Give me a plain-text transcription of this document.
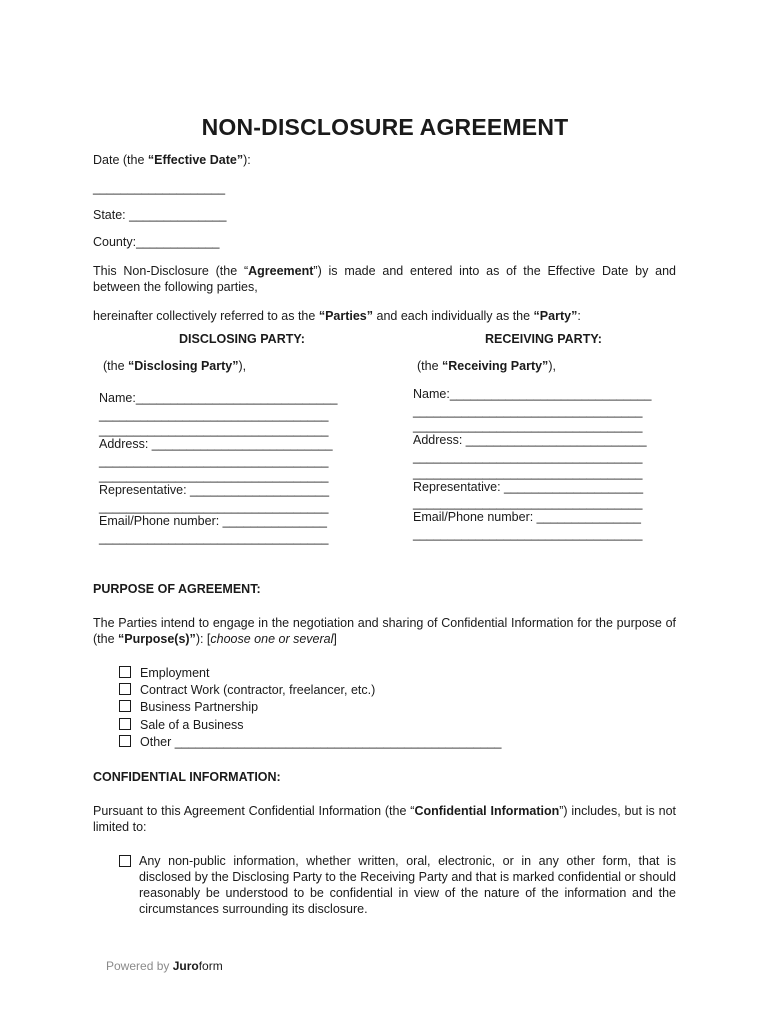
NON-DISCLOSURE AGREEMENT
Date (the “Effective Date”):
___________________
State: ______________
County:____________
This Non-Disclosure (the “Agreement”) is made and entered into as of the Effective Date by and between the following parties,
hereinafter collectively referred to as the “Parties” and each individually as the “Party”:
DISCLOSING PARTY:
(the “Disclosing Party”),
Name:_____________________________
_________________________________
_________________________________
Address: __________________________
_________________________________
_________________________________
Representative: ____________________
_________________________________
Email/Phone number: _______________
_________________________________
RECEIVING PARTY:
(the “Receiving Party”),
Name:_____________________________
_________________________________
_________________________________
Address: __________________________
_________________________________
_________________________________
Representative: ____________________
_________________________________
Email/Phone number: _______________
_________________________________
PURPOSE OF AGREEMENT:
The Parties intend to engage in the negotiation and sharing of Confidential Information for the purpose of (the “Purpose(s)”): [choose one or several]
Employment
Contract Work (contractor, freelancer, etc.)
Business Partnership
Sale of a Business
Other _______________________________________________
CONFIDENTIAL INFORMATION:
Pursuant to this Agreement Confidential Information (the “Confidential Information”) includes, but is not limited to:
Any non-public information, whether written, oral, electronic, or in any other form, that is disclosed by the Disclosing Party to the Receiving Party and that is marked confidential or should reasonably be understood to be confidential in view of the nature of the information and the circumstances surrounding its disclosure.
Powered by Juroform
